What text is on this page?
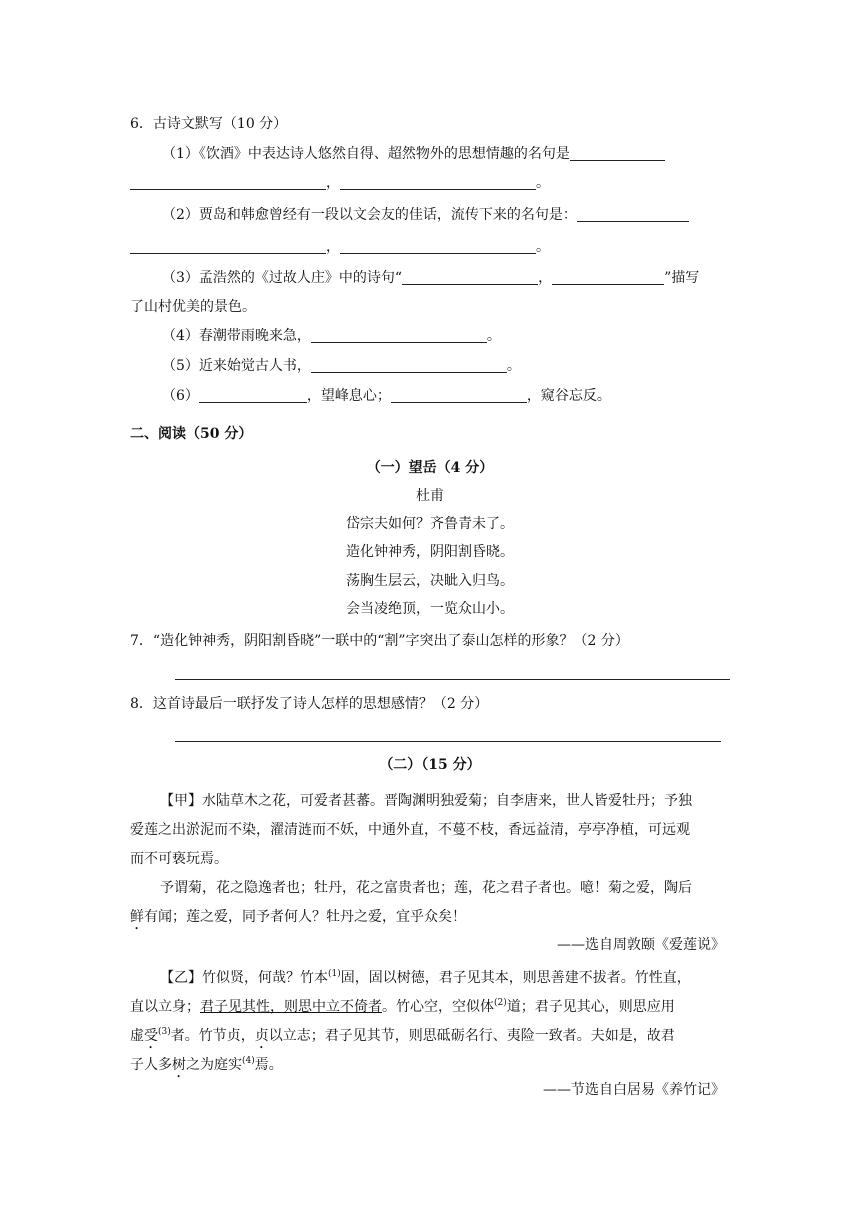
6．古诗文默写（10 分）
（1）《饮酒》中表达诗人悠然自得、超然物外的思想情趣的名句是
，	。
（2）贾岛和韩愈曾经有一段以文会友的佳话，流传下来的名句是：
，	。
（3）孟浩然的《过故人庄》中的诗句“	，	”描写
了山村优美的景色。
（4）春潮带雨晚来急，	。
（5）近来始觉古人书，	。
（6）	，望峰息心；	，窥谷忘反。
二、阅读（50 分）
（一）望岳（4 分）
杜甫
岱宗夫如何？齐鲁青未了。
造化钟神秀，阴阳割昏晓。
荡胸生层云，决眦入归鸟。
会当凌绝顶，一览众山小。
7．“造化钟神秀，阴阳割昏晓”一联中的“割”字突出了泰山怎样的形象？（2 分）
8．这首诗最后一联抒发了诗人怎样的思想感情？（2 分）
（二）（15 分）
【甲】水陆草木之花，可爱者甚蕃。晋陶渊明独爱菊；自李唐来，世人皆爱牡丹；予独
爱莲之出淤泥而不染，濯清涟而不妖，中通外直，不蔓不枝，香远益清，亭亭净植，可远观
而不可亵玩焉。
予谓菊，花之隐逸者也；牡丹，花之富贵者也；莲，花之君子者也。噫！菊之爱，陶后
鲜有闻；莲之爱，同予者何人？牡丹之爱，宜乎众矣！
——选自周敦颐《爱莲说》
【乙】竹似贤，何哉？竹本$^{(1)}$固，固以树德，君子见其本，则思善建不拔者。竹性直，
直以立身；君子见其性，则思中立不倚者。竹心空，空似体$^{(2)}$道；君子见其心，则思应用
虚受$^{(3)}$者。竹节贞，贞以立志；君子见其节，则思砥砺名行、夷险一致者。夫如是，故君
子人多树之为庭实$^{(4)}$焉。
——节选自白居易《养竹记》
